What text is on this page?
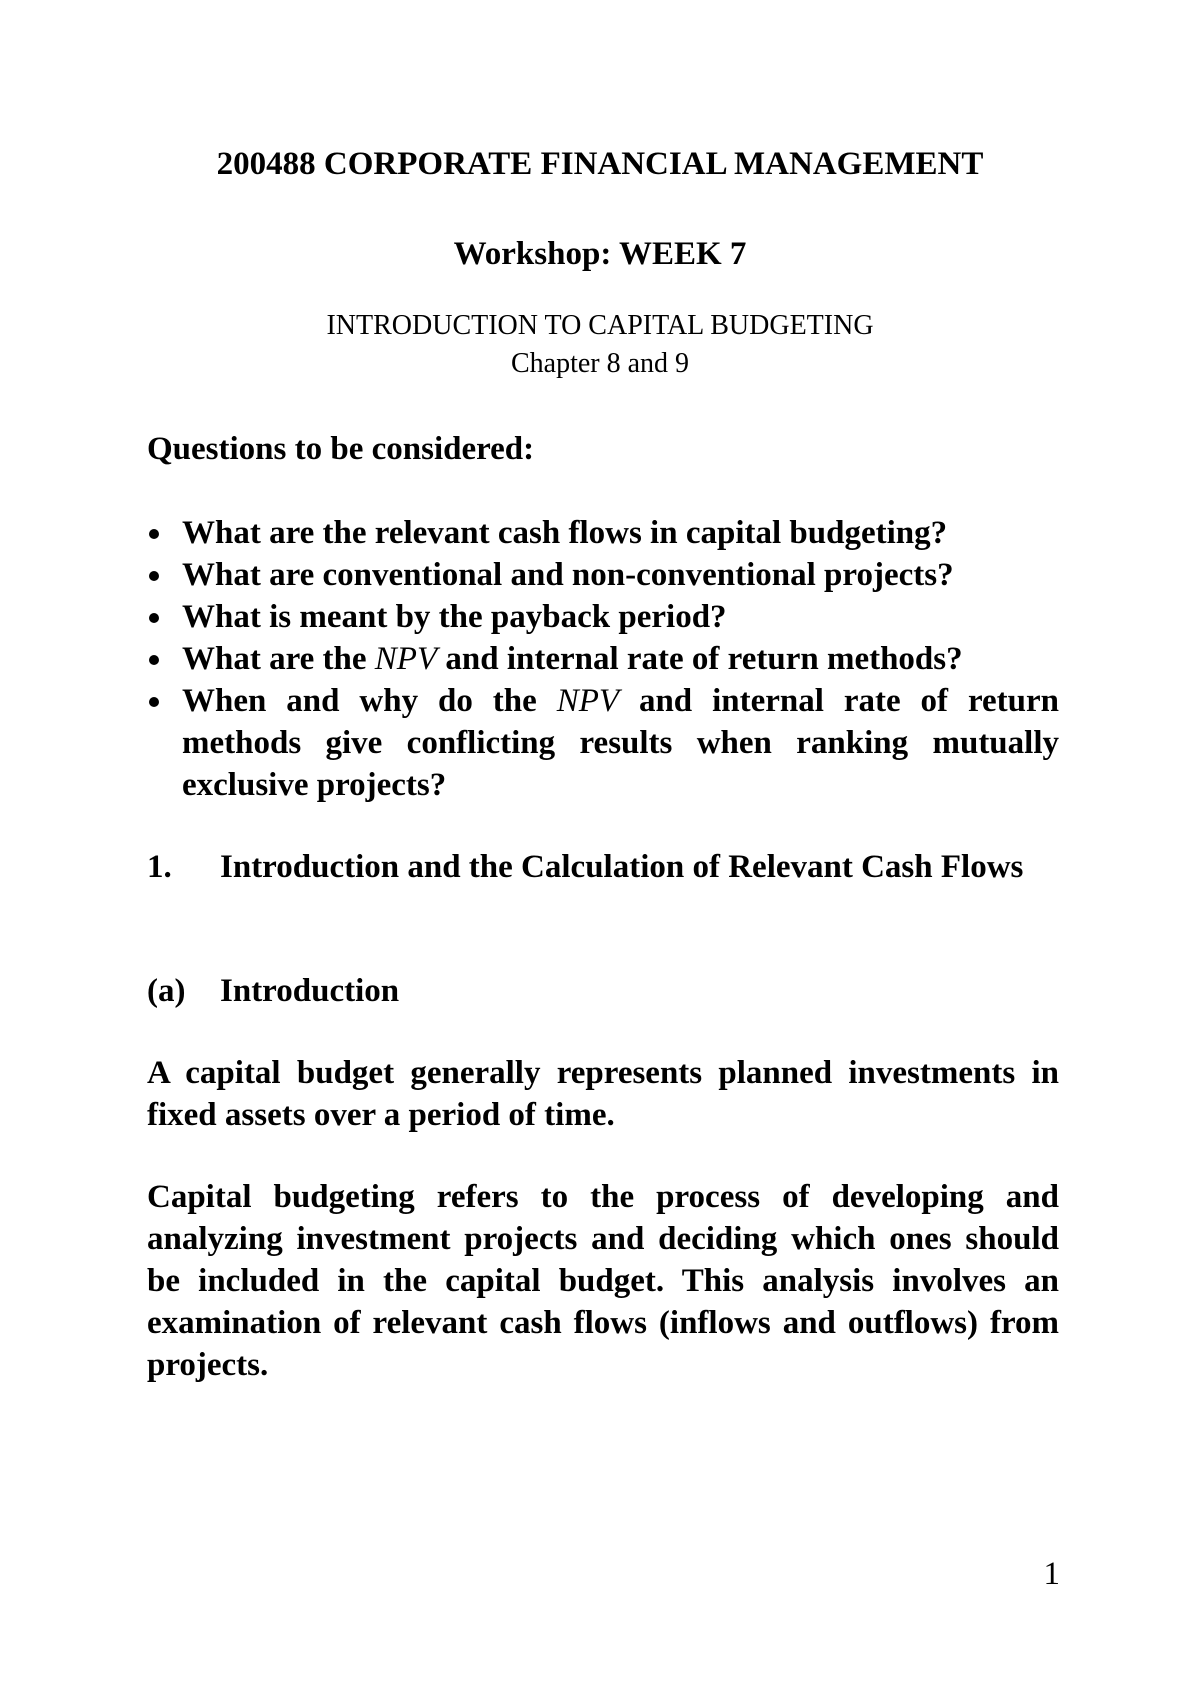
200488 CORPORATE FINANCIAL MANAGEMENT
Workshop: WEEK 7
INTRODUCTION TO CAPITAL BUDGETING
Chapter 8 and 9
Questions to be considered:
What are the relevant cash flows in capital budgeting?
What are conventional and non-conventional projects?
What is meant by the payback period?
What are the NPV and internal rate of return methods?
When and why do the NPV and internal rate of return methods give conflicting results when ranking mutually exclusive projects?
1. Introduction and the Calculation of Relevant Cash Flows
(a) Introduction
A capital budget generally represents planned investments in fixed assets over a period of time.
Capital budgeting refers to the process of developing and analyzing investment projects and deciding which ones should be included in the capital budget. This analysis involves an examination of relevant cash flows (inflows and outflows) from projects.
1
